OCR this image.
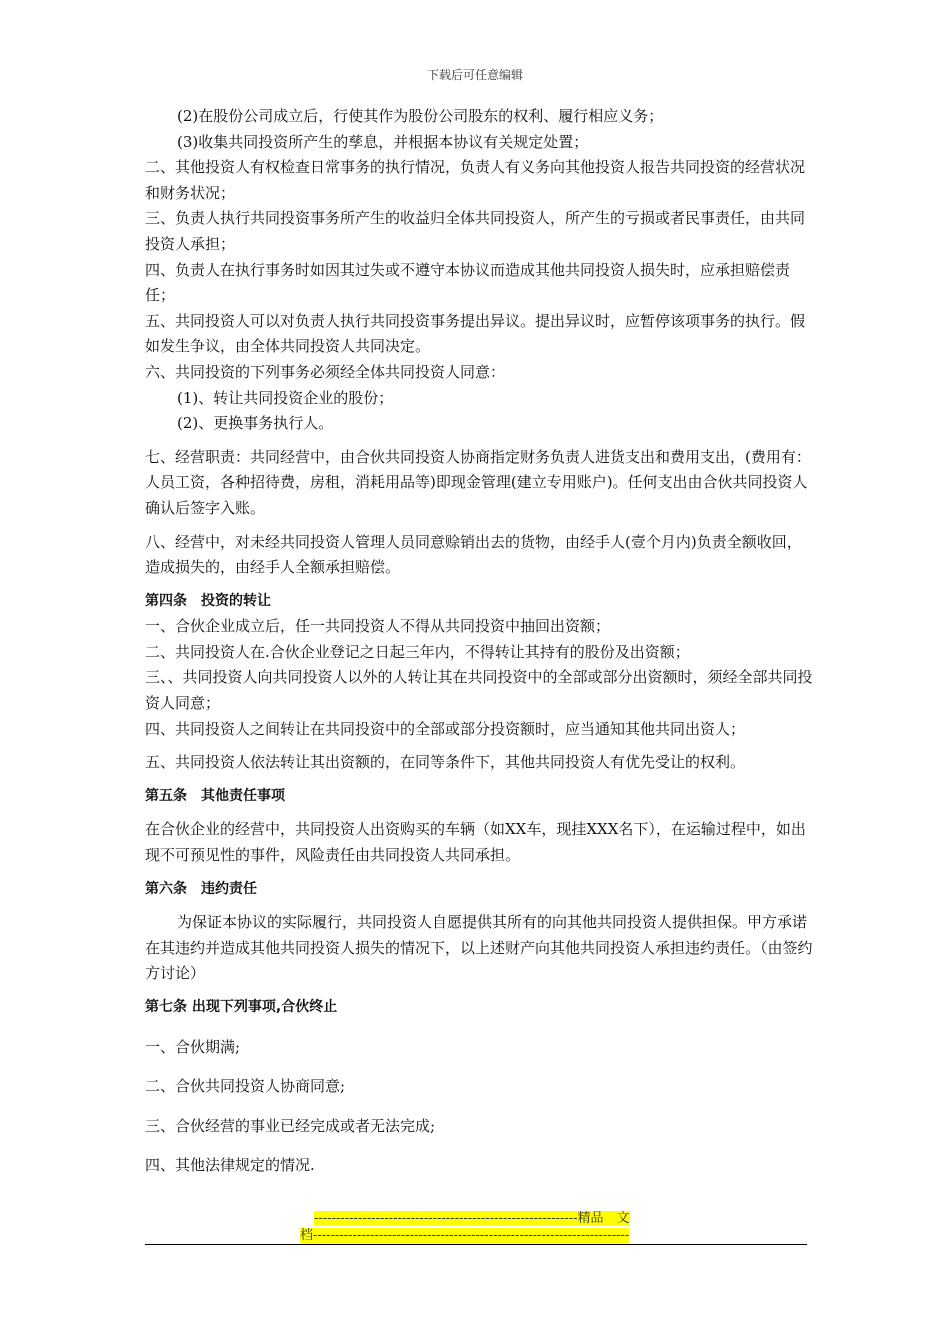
下载后可任意编辑

(2)在股份公司成立后，行使其作为股份公司股东的权利、履行相应义务；

(3)收集共同投资所产生的孳息，并根据本协议有关规定处置；

二、其他投资人有权检查日常事务的执行情况，负责人有义务向其他投资人报告共同投资的经营状况和财务状况；

三、负责人执行共同投资事务所产生的收益归全体共同投资人，所产生的亏损或者民事责任，由共同投资人承担；

四、负责人在执行事务时如因其过失或不遵守本协议而造成其他共同投资人损失时，应承担赔偿责任；

五、共同投资人可以对负责人执行共同投资事务提出异议。提出异议时，应暂停该项事务的执行。假如发生争议，由全体共同投资人共同决定。

六、共同投资的下列事务必须经全体共同投资人同意：

(1)、转让共同投资企业的股份；

(2)、更换事务执行人。

七、经营职责：共同经营中，由合伙共同投资人协商指定财务负责人进货支出和费用支出，(费用有：人员工资，各种招待费，房租，消耗用品等)即现金管理(建立专用账户)。任何支出由合伙共同投资人确认后签字入账。

八、经营中，对未经共同投资人管理人员同意赊销出去的货物，由经手人(壹个月内)负责全额收回，造成损失的，由经手人全额承担赔偿。

第四条　投资的转让

一、合伙企业成立后，任一共同投资人不得从共同投资中抽回出资额；

二、共同投资人在.合伙企业登记之日起三年内，不得转让其持有的股份及出资额；

三、、共同投资人向共同投资人以外的人转让其在共同投资中的全部或部分出资额时，须经全部共同投资人同意；

四、共同投资人之间转让在共同投资中的全部或部分投资额时，应当通知其他共同出资人；

五、共同投资人依法转让其出资额的，在同等条件下，其他共同投资人有优先受让的权利。

第五条　其他责任事项

在合伙企业的经营中，共同投资人出资购买的车辆（如XX车，现挂XXX名下），在运输过程中，如出现不可预见性的事件，风险责任由共同投资人共同承担。

第六条　违约责任

为保证本协议的实际履行，共同投资人自愿提供其所有的向其他共同投资人提供担保。甲方承诺在其违约并造成其他共同投资人损失的情况下，以上述财产向其他共同投资人承担违约责任。（由签约方讨论）

第七条 出现下列事项,合伙终止

一、合伙期满;

二、合伙共同投资人协商同意;

三、合伙经营的事业已经完成或者无法完成;

四、其他法律规定的情况.

------------------------------------------------------------精品　文
档------------------------------------------------------------------------
